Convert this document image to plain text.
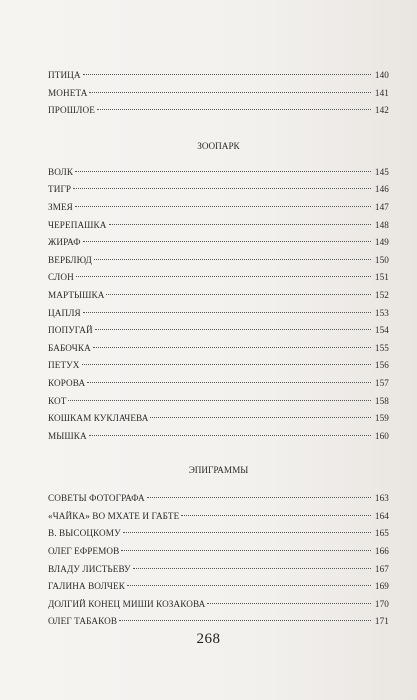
ПТИЦА	140
МОНЕТА	141
ПРОШЛОЕ	142
ЗООПАРК
ВОЛК	145
ТИГР	146
ЗМЕЯ	147
ЧЕРЕПАШКА	148
ЖИРАФ	149
ВЕРБЛЮД	150
СЛОН	151
МАРТЫШКА	152
ЦАПЛЯ	153
ПОПУГАЙ	154
БАБОЧКА	155
ПЕТУХ	156
КОРОВА	157
КОТ	158
КОШКАМ КУКЛАЧЕВА	159
МЫШКА	160
ЭПИГРАММЫ
СОВЕТЫ ФОТОГРАФА	163
«ЧАЙКА» ВО МХАТЕ И ГАБТЕ	164
В. ВЫСОЦКОМУ	165
ОЛЕГ ЕФРЕМОВ	166
ВЛАДУ ЛИСТЬЕВУ	167
ГАЛИНА ВОЛЧЕК	169
ДОЛГИЙ КОНЕЦ МИШИ КОЗАКОВА	170
ОЛЕГ ТАБАКОВ	171
268
